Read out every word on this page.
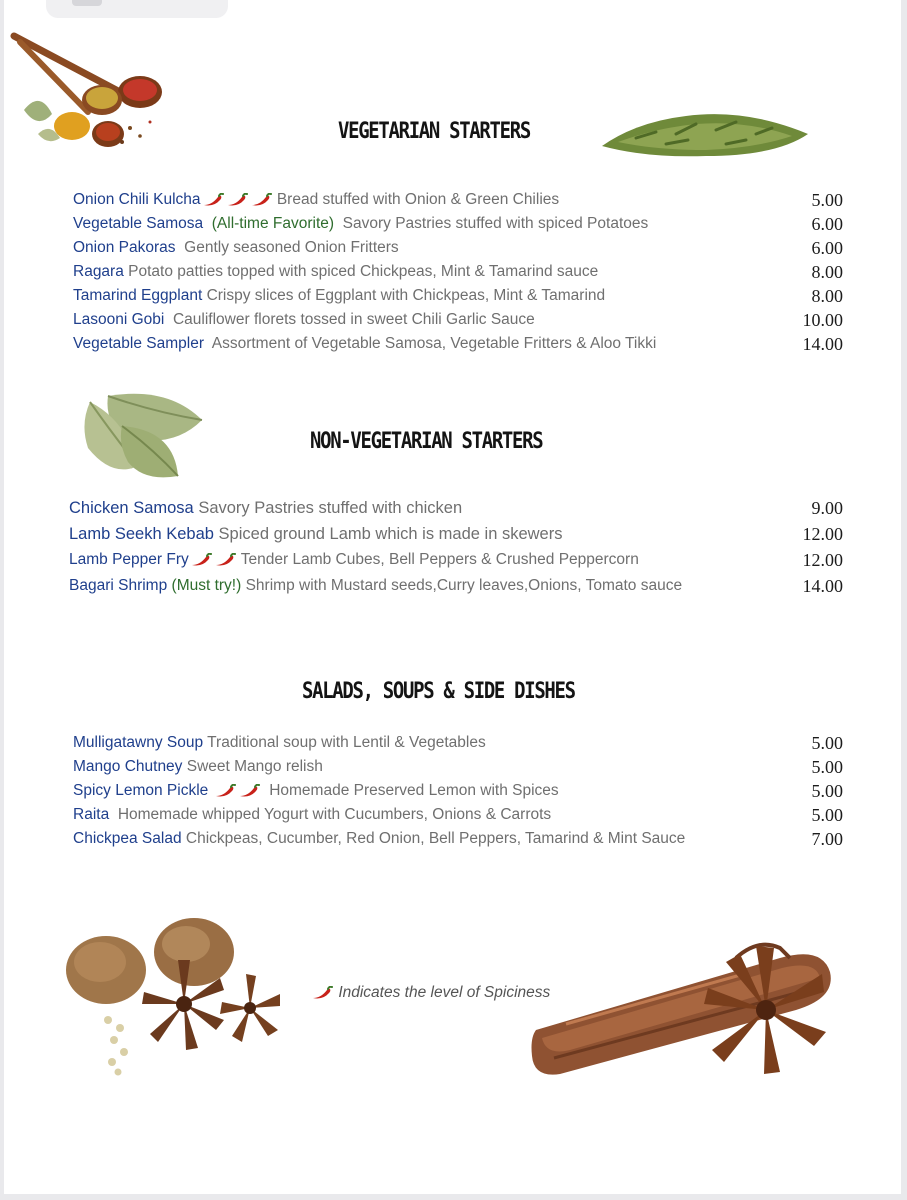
VEGETARIAN STARTERS
Onion Chili Kulcha	Bread stuffed with Onion & Green Chilies	5.00
Vegetable Samosa (All-time Favorite) Savory Pastries stuffed with spiced Potatoes	6.00
Onion Pakoras Gently seasoned Onion Fritters	6.00
Ragara Potato patties topped with spiced Chickpeas, Mint & Tamarind sauce	8.00
Tamarind Eggplant Crispy slices of Eggplant with Chickpeas, Mint & Tamarind	8.00
Lasooni Gobi Cauliflower florets tossed in sweet Chili Garlic Sauce	10.00
Vegetable Sampler Assortment of Vegetable Samosa, Vegetable Fritters & Aloo Tikki	14.00
NON-VEGETARIAN STARTERS
Chicken Samosa Savory Pastries stuffed with chicken	9.00
Lamb Seekh Kebab Spiced ground Lamb which is made in skewers	12.00
Lamb Pepper Fry	Tender Lamb Cubes, Bell Peppers & Crushed Peppercorn	12.00
Bagari Shrimp (Must try!) Shrimp with Mustard seeds,Curry leaves,Onions, Tomato sauce	14.00
SALADS, SOUPS & SIDE DISHES
Mulligatawny Soup Traditional soup with Lentil & Vegetables	5.00
Mango Chutney Sweet Mango relish	5.00
Spicy Lemon Pickle	Homemade Preserved Lemon with Spices	5.00
Raita Homemade whipped Yogurt with Cucumbers, Onions & Carrots	5.00
Chickpea Salad Chickpeas, Cucumber, Red Onion, Bell Peppers, Tamarind & Mint Sauce	7.00
Indicates the level of Spiciness
